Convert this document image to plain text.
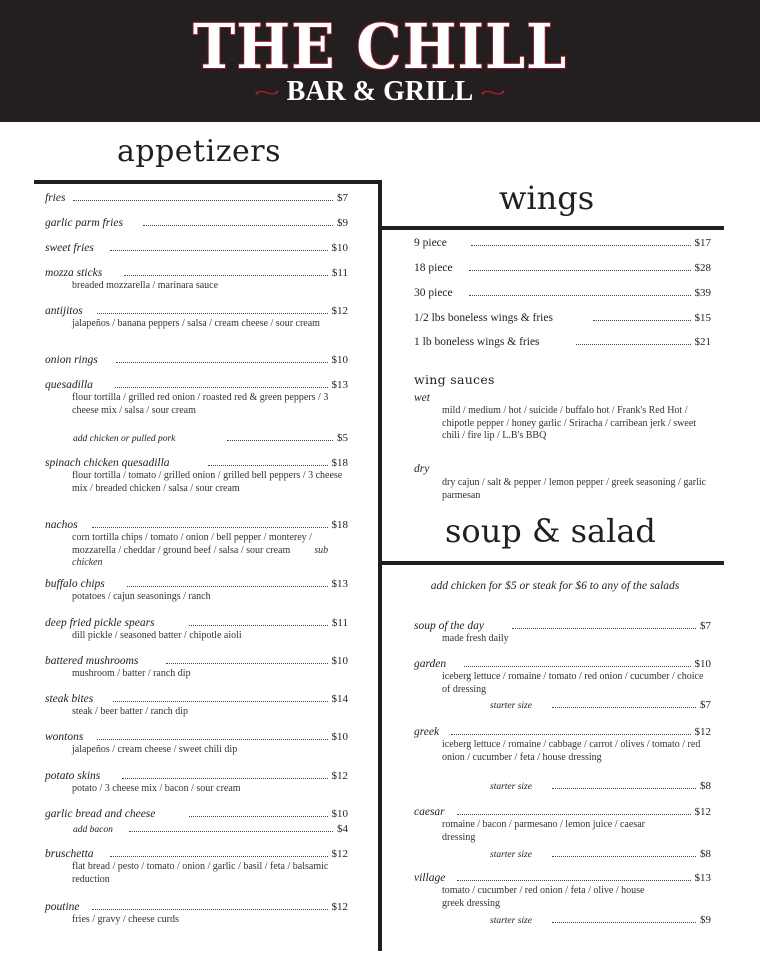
THE CHILL
~ BAR & GRILL ~
appetizers
wings
soup & salad
fries	$7
garlic parm fries	$9
sweet fries	$10
mozza sticks	$11
breaded mozzarella / marinara sauce
antijitos	$12
jalapeños / banana peppers / salsa / cream cheese / sour cream
onion rings	$10
quesadilla	$13
flour tortilla / grilled red onion / roasted red & green peppers / 3 cheese mix / salsa / sour cream
add chicken or pulled pork	$5
spinach chicken quesadilla	$18
flour tortilla / tomato / grilled onion / grilled bell peppers / 3 cheese mix / breaded chicken / salsa / sour cream
nachos	$18
corn tortilla chips / tomato / onion / bell pepper / monterey / mozzarella / cheddar / ground beef / salsa / sour cream sub chicken
buffalo chips	$13
potatoes / cajun seasonings / ranch
deep fried pickle spears	$11
dill pickle / seasoned batter / chipotle aioli
battered mushrooms	$10
mushroom / batter / ranch dip
steak bites	$14
steak / beer batter / ranch dip
wontons	$10
jalapeños / cream cheese / sweet chili dip
potato skins	$12
potato / 3 cheese mix / bacon / sour cream
garlic bread and cheese	$10
add bacon	$4
bruschetta	$12
flat bread / pesto / tomato / onion / garlic / basil / feta / balsamic reduction
poutine	$12
fries / gravy / cheese curds
9 piece	$17
18 piece	$28
30 piece	$39
1/2 lbs boneless wings & fries	$15
1 lb boneless wings & fries	$21
wing sauces
wet
mild / medium / hot / suicide / buffalo hot / Frank's Red Hot / chipotle pepper / honey garlic / Sriracha / carribean jerk / sweet chili / fire lip / L.B's BBQ
dry
dry cajun / salt & pepper / lemon pepper / greek seasoning / garlic parmesan
add chicken for $5 or steak for $6 to any of the salads
soup of the day	$7
made fresh daily
garden	$10
iceberg lettuce / romaine / tomato / red onion / cucumber / choice of dressing
starter size	$7
greek	$12
iceberg lettuce / romaine / cabbage / carrot / olives / tomato / red onion / cucumber / feta / house dressing
starter size	$8
caesar	$12
romaine / bacon / parmesano / lemon juice / caesar dressing
starter size	$8
village	$13
tomato / cucumber / red onion / feta / olive / house greek dressing
starter size	$9
